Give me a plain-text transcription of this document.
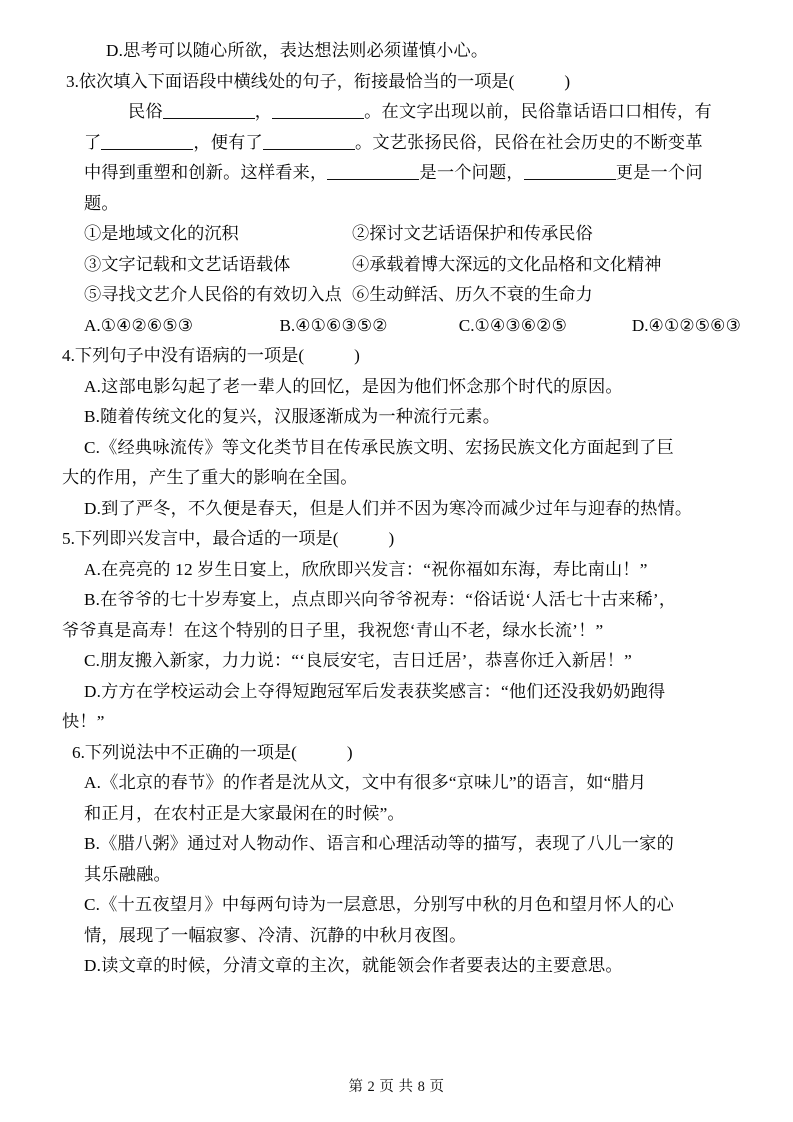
D.思考可以随心所欲，表达想法则必须谨慎小心。
3.依次填入下面语段中横线处的句子，衔接最恰当的一项是(	)
民俗	，	。在文字出现以前，民俗靠话语口口相传，有
了	，便有了	。文艺张扬民俗，民俗在社会历史的不断变革
中得到重塑和创新。这样看来，	是一个问题，	更是一个问
题。
①是地域文化的沉积	②探讨文艺话语保护和传承民俗
③文字记载和文艺话语载体	④承载着博大深远的文化品格和文化精神
⑤寻找文艺介人民俗的有效切入点 ⑥生动鲜活、历久不衰的生命力
A.①④②⑥⑤③	B.④①⑥③⑤②	C.①④③⑥②⑤	D.④①②⑤⑥③
4.下列句子中没有语病的一项是(	)
A.这部电影勾起了老一辈人的回忆，是因为他们怀念那个时代的原因。
B.随着传统文化的复兴，汉服逐渐成为一种流行元素。
C.《经典咏流传》等文化类节目在传承民族文明、宏扬民族文化方面起到了巨
大的作用，产生了重大的影响在全国。
D.到了严冬，不久便是春天，但是人们并不因为寒冷而减少过年与迎春的热情。
5.下列即兴发言中，最合适的一项是(	)
A.在亮亮的 12 岁生日宴上，欣欣即兴发言：“祝你福如东海，寿比南山！”
B.在爷爷的七十岁寿宴上，点点即兴向爷爷祝寿：“俗话说‘人活七十古来稀’，
爷爷真是高寿！在这个特别的日子里，我祝您‘青山不老，绿水长流’！”
C.朋友搬入新家，力力说：“‘良辰安宅，吉日迁居’，恭喜你迁入新居！”
D.方方在学校运动会上夺得短跑冠军后发表获奖感言：“他们还没我奶奶跑得
快！”
6.下列说法中不正确的一项是(	)
A.《北京的春节》的作者是沈从文，文中有很多“京味儿”的语言，如“腊月
和正月，在农村正是大家最闲在的时候”。
B.《腊八粥》通过对人物动作、语言和心理活动等的描写，表现了八儿一家的
其乐融融。
C.《十五夜望月》中每两句诗为一层意思，分别写中秋的月色和望月怀人的心
情，展现了一幅寂寥、冷清、沉静的中秋月夜图。
D.读文章的时候，分清文章的主次，就能领会作者要表达的主要意思。
第 2 页 共 8 页
